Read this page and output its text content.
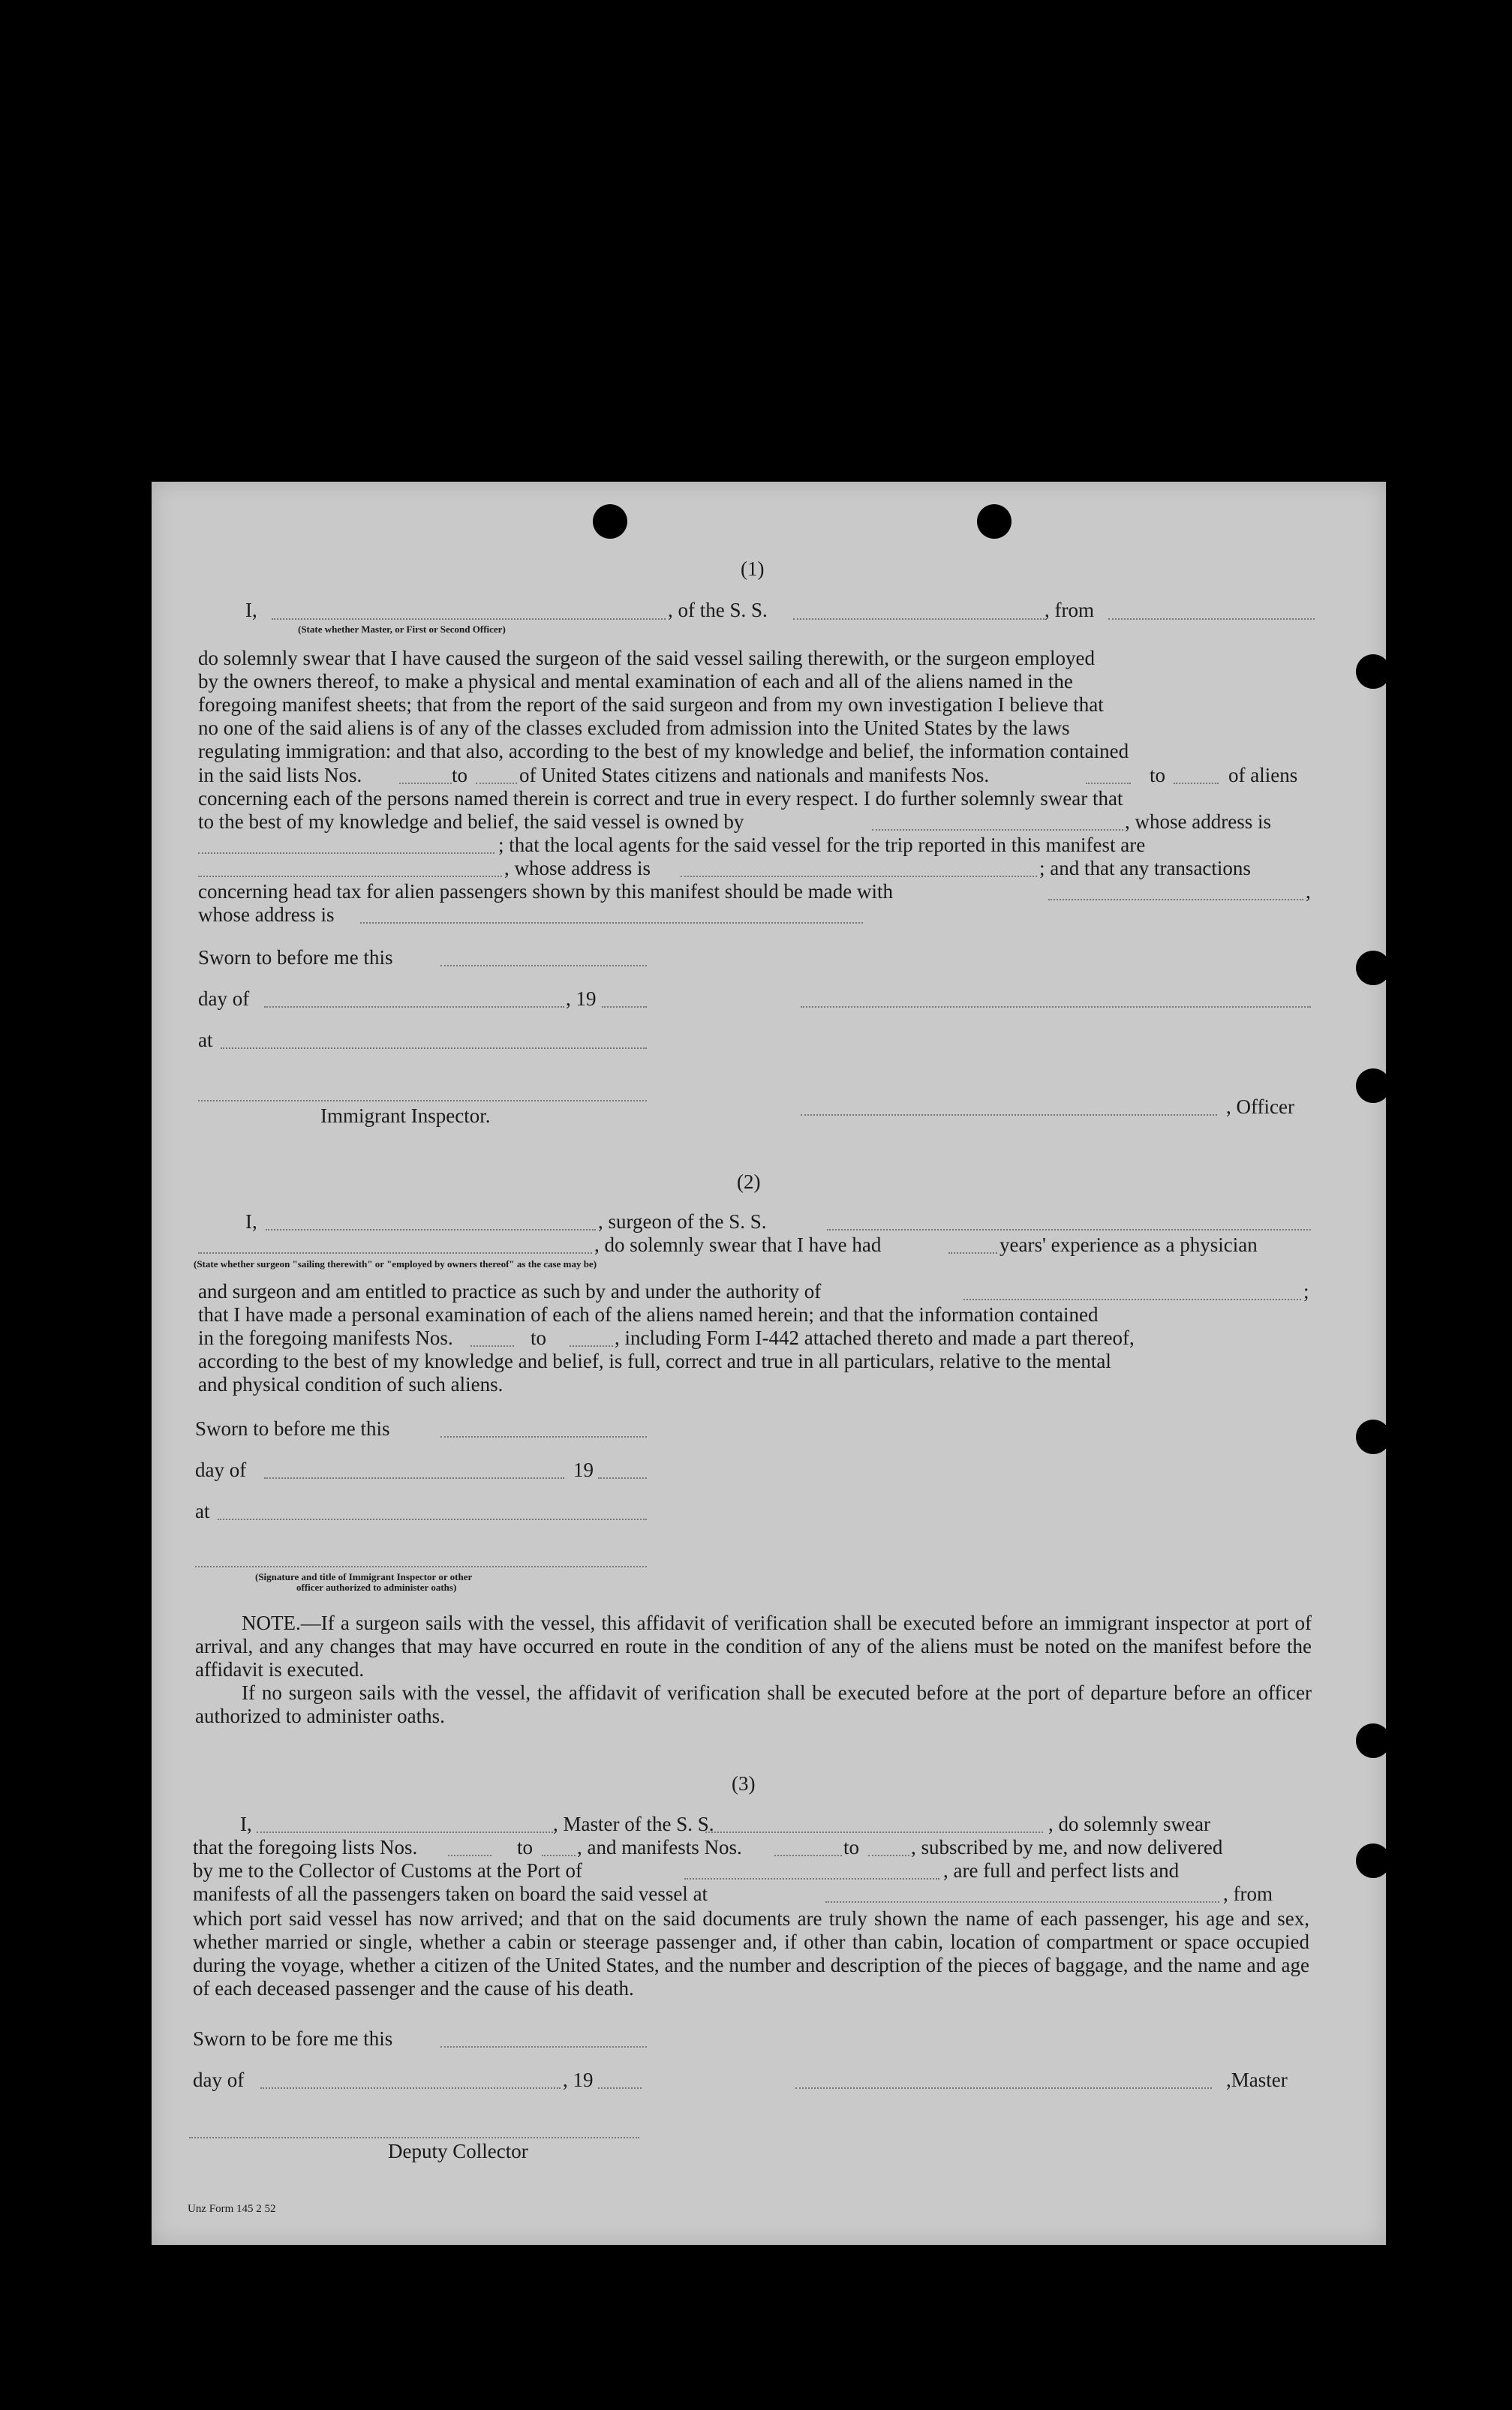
(1)
I,	, of the S. S.	, from
(State whether Master, or First or Second Officer)
do solemnly swear that I have caused the surgeon of the said vessel sailing therewith, or the surgeon employed
by the owners thereof, to make a physical and mental examination of each and all of the aliens named in the
foregoing manifest sheets; that from the report of the said surgeon and from my own investigation I believe that
no one of the said aliens is of any of the classes excluded from admission into the United States by the laws
regulating immigration: and that also, according to the best of my knowledge and belief, the information contained
in the said lists Nos.	to	of United States citizens and nationals and manifests Nos.	to	of aliens
concerning each of the persons named therein is correct and true in every respect. I do further solemnly swear that
to the best of my knowledge and belief, the said vessel is owned by	, whose address is
; that the local agents for the said vessel for the trip reported in this manifest are
, whose address is	; and that any transactions
concerning head tax for alien passengers shown by this manifest should be made with	,
whose address is
Sworn to before me this
day of	, 19
at
Immigrant Inspector.	, Officer
(2)
I,	, surgeon of the S. S.
, do solemnly swear that I have had	years' experience as a physician
(State whether surgeon "sailing therewith" or "employed by owners thereof" as the case may be)
and surgeon and am entitled to practice as such by and under the authority of	;
that I have made a personal examination of each of the aliens named herein; and that the information contained
in the foregoing manifests Nos.	to	, including Form I-442 attached thereto and made a part thereof,
according to the best of my knowledge and belief, is full, correct and true in all particulars, relative to the mental
and physical condition of such aliens.
Sworn to before me this
day of	19
at
(Signature and title of Immigrant Inspector or other
officer authorized to administer oaths)
NOTE.—If a surgeon sails with the vessel, this affidavit of verification shall be executed before an immigrant inspector at port of arrival, and any changes that may have occurred en route in the condition of any of the aliens must be noted on the manifest before the affidavit is executed.
If no surgeon sails with the vessel, the affidavit of verification shall be executed before at the port of departure before an officer authorized to administer oaths.
(3)
I,	, Master of the S. S.	, do solemnly swear
that the foregoing lists Nos.	to , and manifests Nos.	to	, subscribed by me, and now delivered
by me to the Collector of Customs at the Port of	, are full and perfect lists and
manifests of all the passengers taken on board the said vessel at	, from
which port said vessel has now arrived; and that on the said documents are truly shown the name of each passenger, his age and sex, whether married or single, whether a cabin or steerage passenger and, if other than cabin, location of compartment or space occupied during the voyage, whether a citizen of the United States, and the number and description of the pieces of baggage, and the name and age of each deceased passenger and the cause of his death.
Sworn to be fore me this
day of	, 19	,Master
Deputy Collector
Unz Form 145 2 52
